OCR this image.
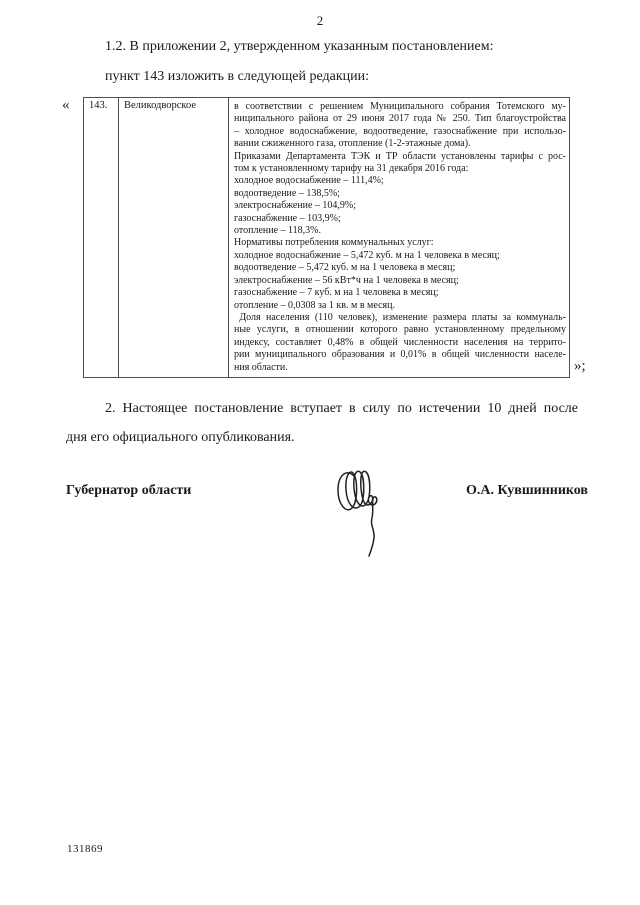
2
1.2. В приложении 2, утвержденном указанным постановлением:
пункт 143 изложить в следующей редакции:
«	143.	Великодворское	в соответствии с решением Муниципального собрания Тотемского му-
ниципального района от 29 июня 2017 года № 250. Тип благоустройства
– холодное водоснабжение, водоотведение, газоснабжение при использо-
вании сжиженного газа, отопление (1-2-этажные дома).
Приказами Департамента ТЭК и ТР области установлены тарифы с рос-
том к установленному тарифу на 31 декабря 2016 года:
холодное водоснабжение – 111,4%;
водоотведение – 138,5%;
электроснабжение – 104,9%;
газоснабжение – 103,9%;
отопление – 118,3%.
Нормативы потребления коммунальных услуг:
холодное водоснабжение – 5,472 куб. м на 1 человека в месяц;
водоотведение – 5,472 куб. м на 1 человека в месяц;
электроснабжение – 56 кВт*ч на 1 человека в месяц;
газоснабжение – 7 куб. м на 1 человека в месяц;
отопление – 0,0308 за 1 кв. м в месяц.
Доля населения (110 человек), изменение размера платы за коммуналь-
ные услуги, в отношении которого равно установленному предельному
индексу, составляет 0,48% в общей численности населения на террито-
рии муниципального образования и 0,01% в общей численности населе-
ния области.	»;
2. Настоящее постановление вступает в силу по истечении 10 дней после
дня его официального опубликования.
Губернатор области	О.А. Кувшинников
131869
